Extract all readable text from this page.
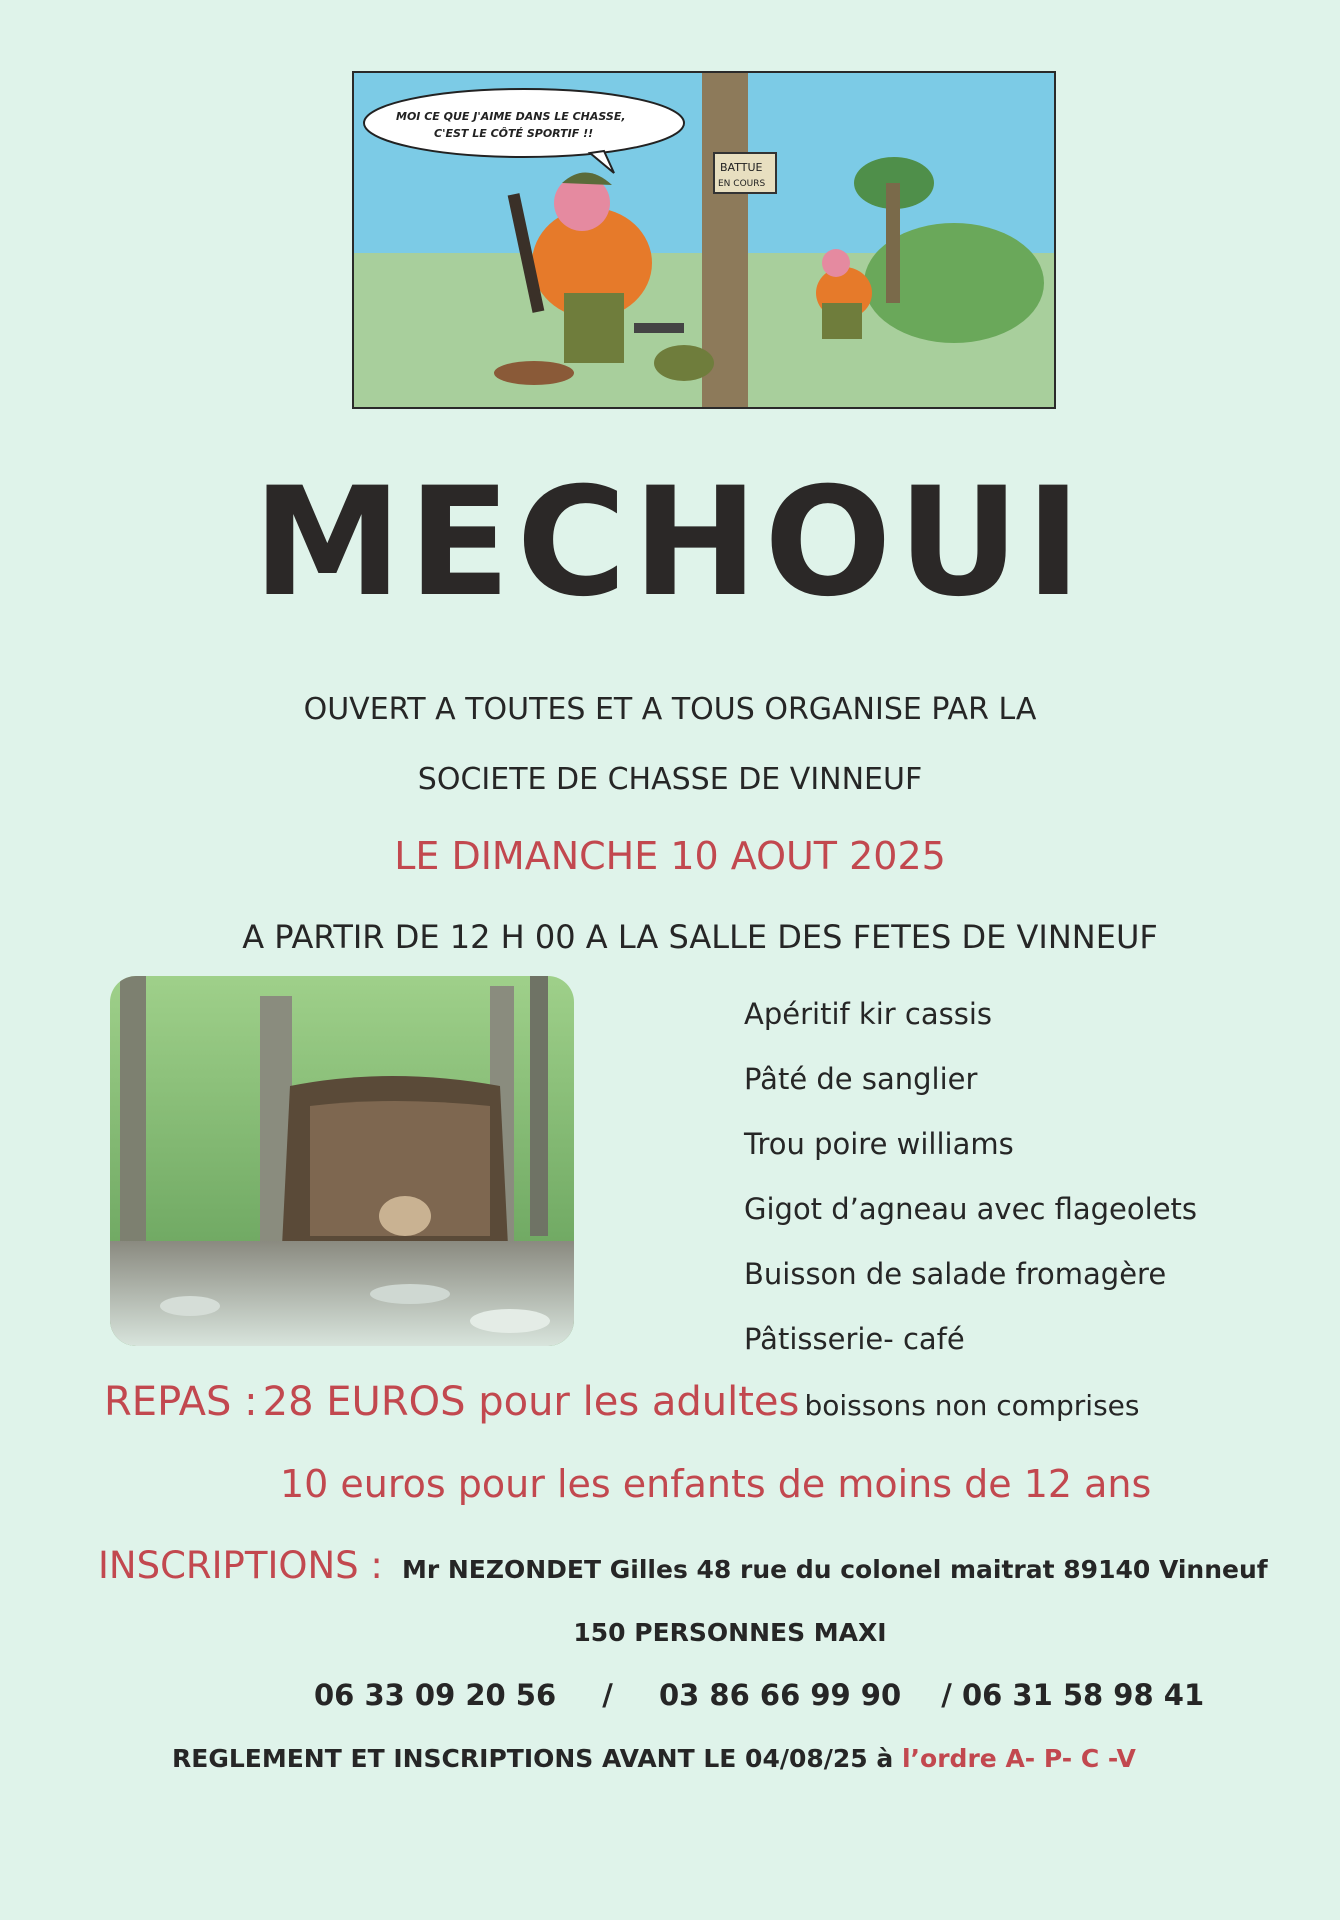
BATTUE
EN COURS
MOI CE QUE J'AIME DANS LE CHASSE,
C'EST LE CÔTÉ SPORTIF !!
MECHOUI
OUVERT A TOUTES ET A TOUS ORGANISE PAR LA
SOCIETE DE CHASSE DE VINNEUF
LE DIMANCHE 10 AOUT 2025
A PARTIR DE 12 H 00 A LA SALLE DES FETES DE VINNEUF
Apéritif kir cassis
Pâté de sanglier
Trou poire williams
Gigot d’agneau avec flageolets
Buisson de salade fromagère
Pâtisserie- café
REPAS : 28 EUROS pour les adultes boissons non comprises
10 euros pour les enfants de moins de 12 ans
INSCRIPTIONS : Mr NEZONDET Gilles 48 rue du colonel maitrat 89140 Vinneuf
150 PERSONNES MAXI
06 33 09 20 56 / 03 86 66 99 90 / 06 31 58 98 41
REGLEMENT ET INSCRIPTIONS AVANT LE 04/08/25 à l’ordre A- P- C -V
